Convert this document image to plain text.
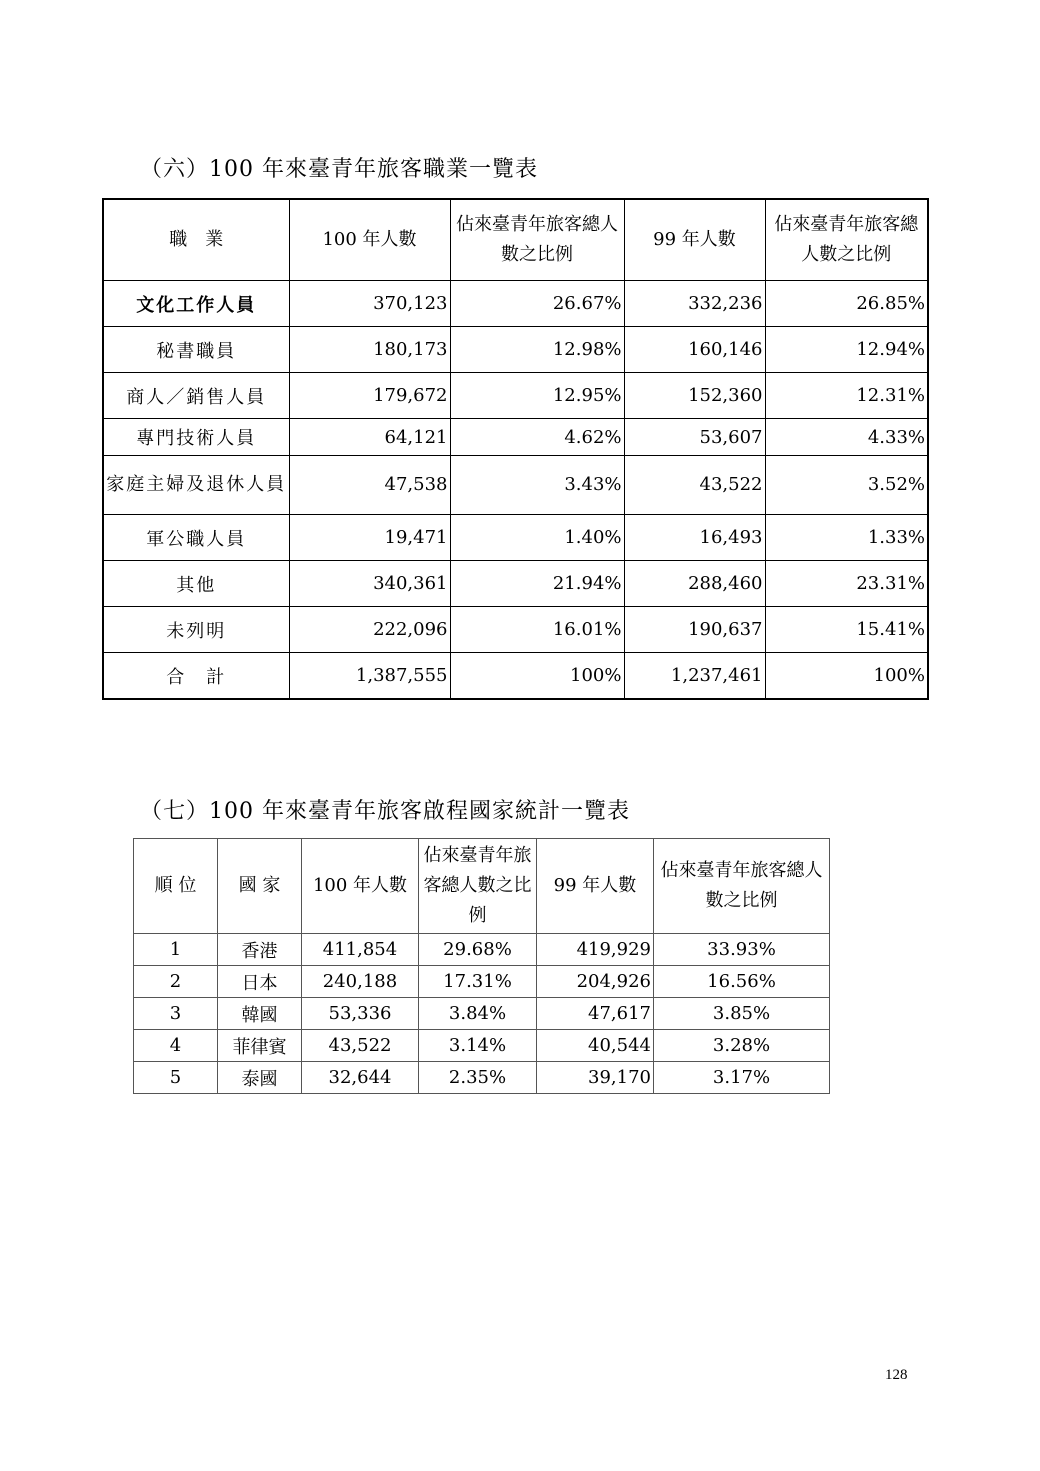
（六）100 年來臺青年旅客職業一覽表
職　業	100 年人數	佔來臺青年旅客總人數之比例	99 年人數	佔來臺青年旅客總人數之比例
文化工作人員	370,123	26.67%	332,236	26.85%
秘書職員	180,173	12.98%	160,146	12.94%
商人／銷售人員	179,672	12.95%	152,360	12.31%
專門技術人員	64,121	4.62%	53,607	4.33%
家庭主婦及退休人員	47,538	3.43%	43,522	3.52%
軍公職人員	19,471	1.40%	16,493	1.33%
其他	340,361	21.94%	288,460	23.31%
未列明	222,096	16.01%	190,637	15.41%
合　計	1,387,555	100%	1,237,461	100%
（七）100 年來臺青年旅客啟程國家統計一覽表
順 位	國 家	100 年人數	佔來臺青年旅客總人數之比例	99 年人數	佔來臺青年旅客總人數之比例
1	香港	411,854	29.68%	419,929	33.93%
2	日本	240,188	17.31%	204,926	16.56%
3	韓國	53,336	3.84%	47,617	3.85%
4	菲律賓	43,522	3.14%	40,544	3.28%
5	泰國	32,644	2.35%	39,170	3.17%
128
